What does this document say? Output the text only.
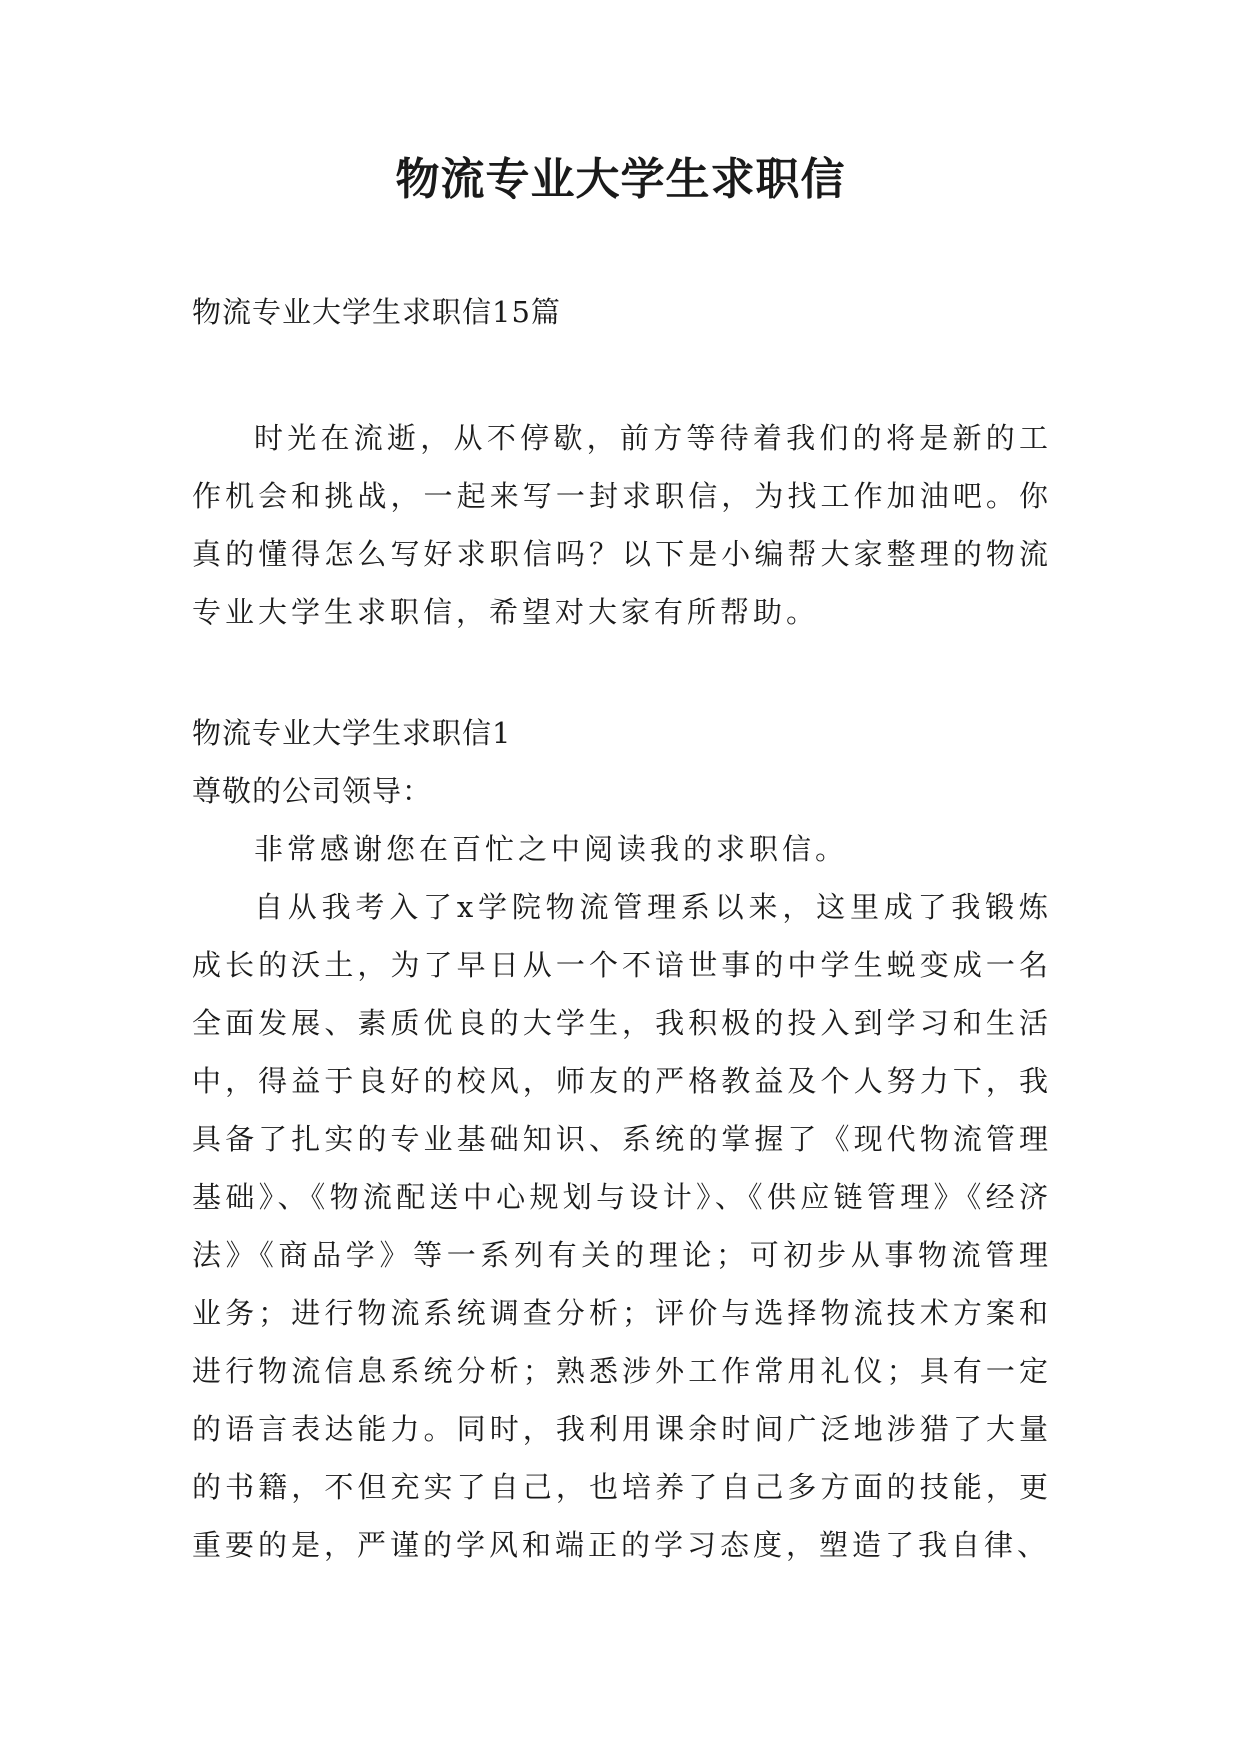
物流专业大学生求职信
物流专业大学生求职信15篇
时光在流逝，从不停歇，前方等待着我们的将是新的工作机会和挑战，一起来写一封求职信，为找工作加油吧。你真的懂得怎么写好求职信吗？以下是小编帮大家整理的物流专业大学生求职信，希望对大家有所帮助。

物流专业大学生求职信1

尊敬的公司领导：

非常感谢您在百忙之中阅读我的求职信。

自从我考入了x学院物流管理系以来，这里成了我锻炼成长的沃土，为了早日从一个不谙世事的中学生蜕变成一名全面发展、素质优良的大学生，我积极的投入到学习和生活中，得益于良好的校风，师友的严格教益及个人努力下，我具备了扎实的专业基础知识、系统的掌握了《现代物流管理基础》、《物流配送中心规划与设计》、《供应链管理》《经济法》《商品学》等一系列有关的理论；可初步从事物流管理业务；进行物流系统调查分析；评价与选择物流技术方案和进行物流信息系统分析；熟悉涉外工作常用礼仪；具有一定的语言表达能力。同时，我利用课余时间广泛地涉猎了大量的书籍，不但充实了自己，也培养了自己多方面的技能，更重要的是，严谨的学风和端正的学习态度，塑造了我自律、
